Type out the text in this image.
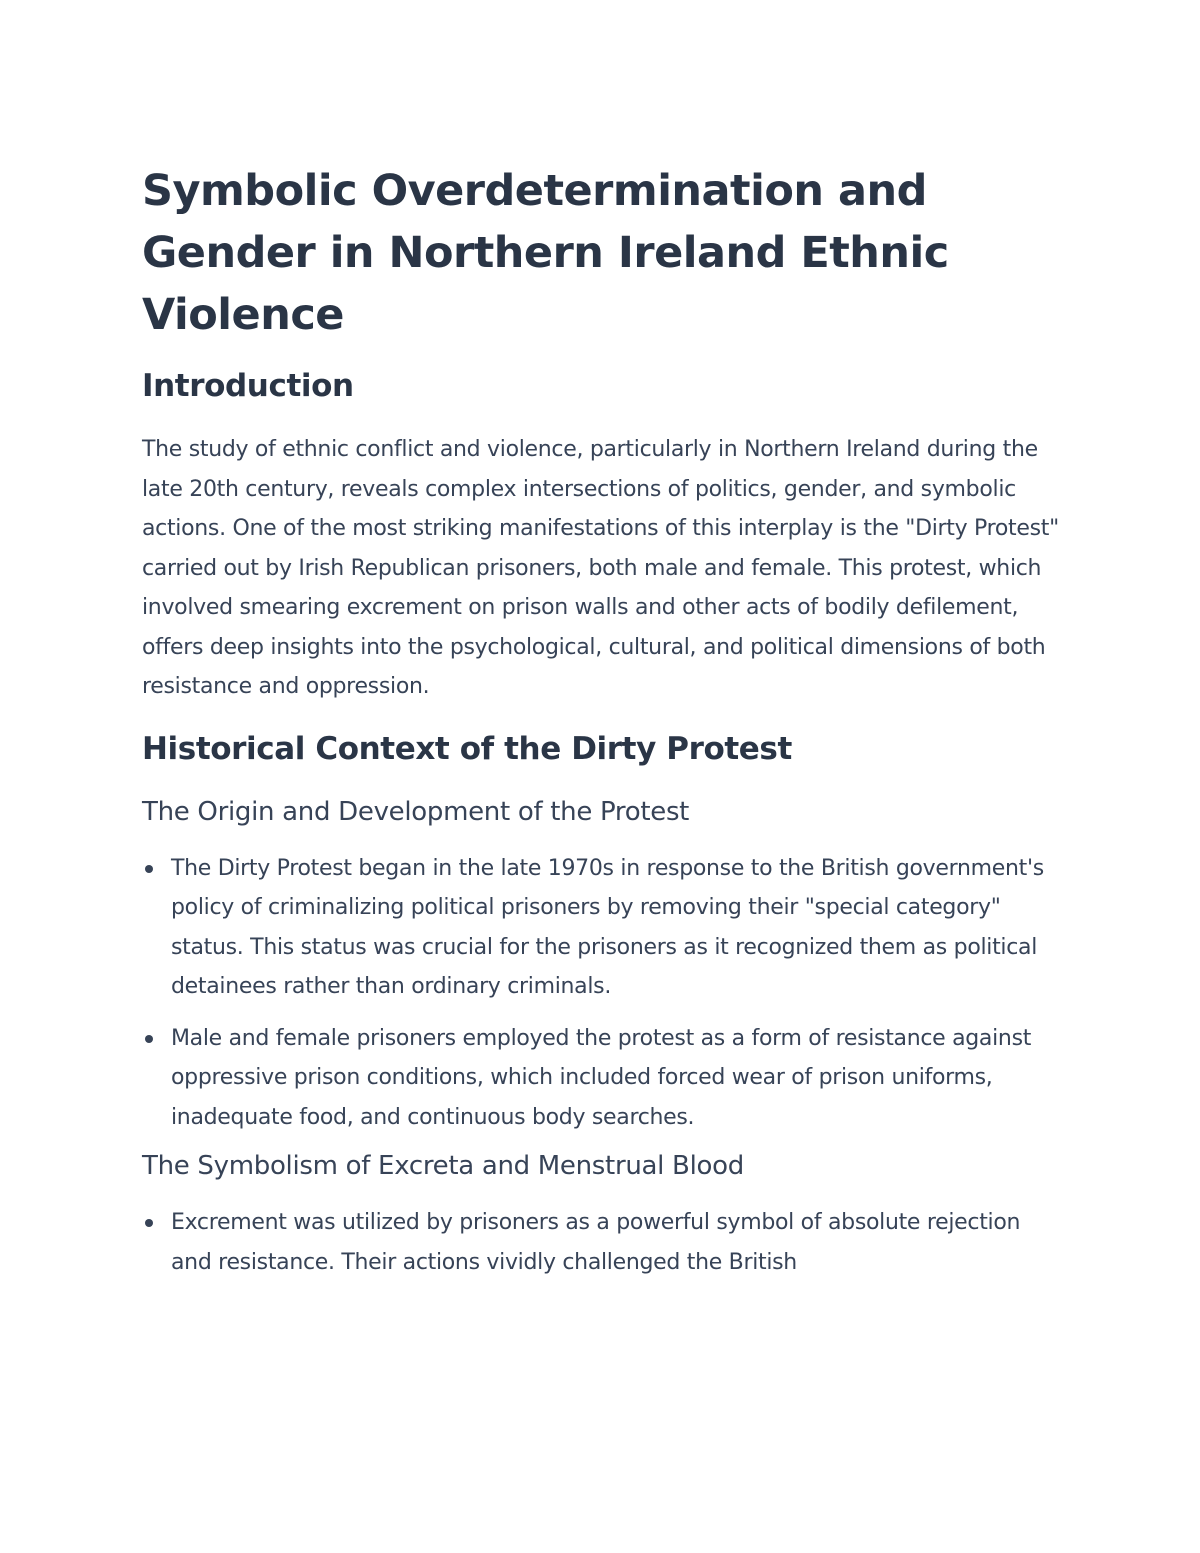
Symbolic Overdetermination and Gender in Northern Ireland Ethnic Violence
Introduction

The study of ethnic conflict and violence, particularly in Northern Ireland during the late 20th century, reveals complex intersections of politics, gender, and symbolic actions. One of the most striking manifestations of this interplay is the "Dirty Protest" carried out by Irish Republican prisoners, both male and female. This protest, which involved smearing excrement on prison walls and other acts of bodily defilement, offers deep insights into the psychological, cultural, and political dimensions of both resistance and oppression.

Historical Context of the Dirty Protest
The Origin and Development of the Protest
The Dirty Protest began in the late 1970s in response to the British government's policy of criminalizing political prisoners by removing their "special category" status. This status was crucial for the prisoners as it recognized them as political detainees rather than ordinary criminals.
Male and female prisoners employed the protest as a form of resistance against oppressive prison conditions, which included forced wear of prison uniforms, inadequate food, and continuous body searches.
The Symbolism of Excreta and Menstrual Blood
Excrement was utilized by prisoners as a powerful symbol of absolute rejection and resistance. Their actions vividly challenged the British
